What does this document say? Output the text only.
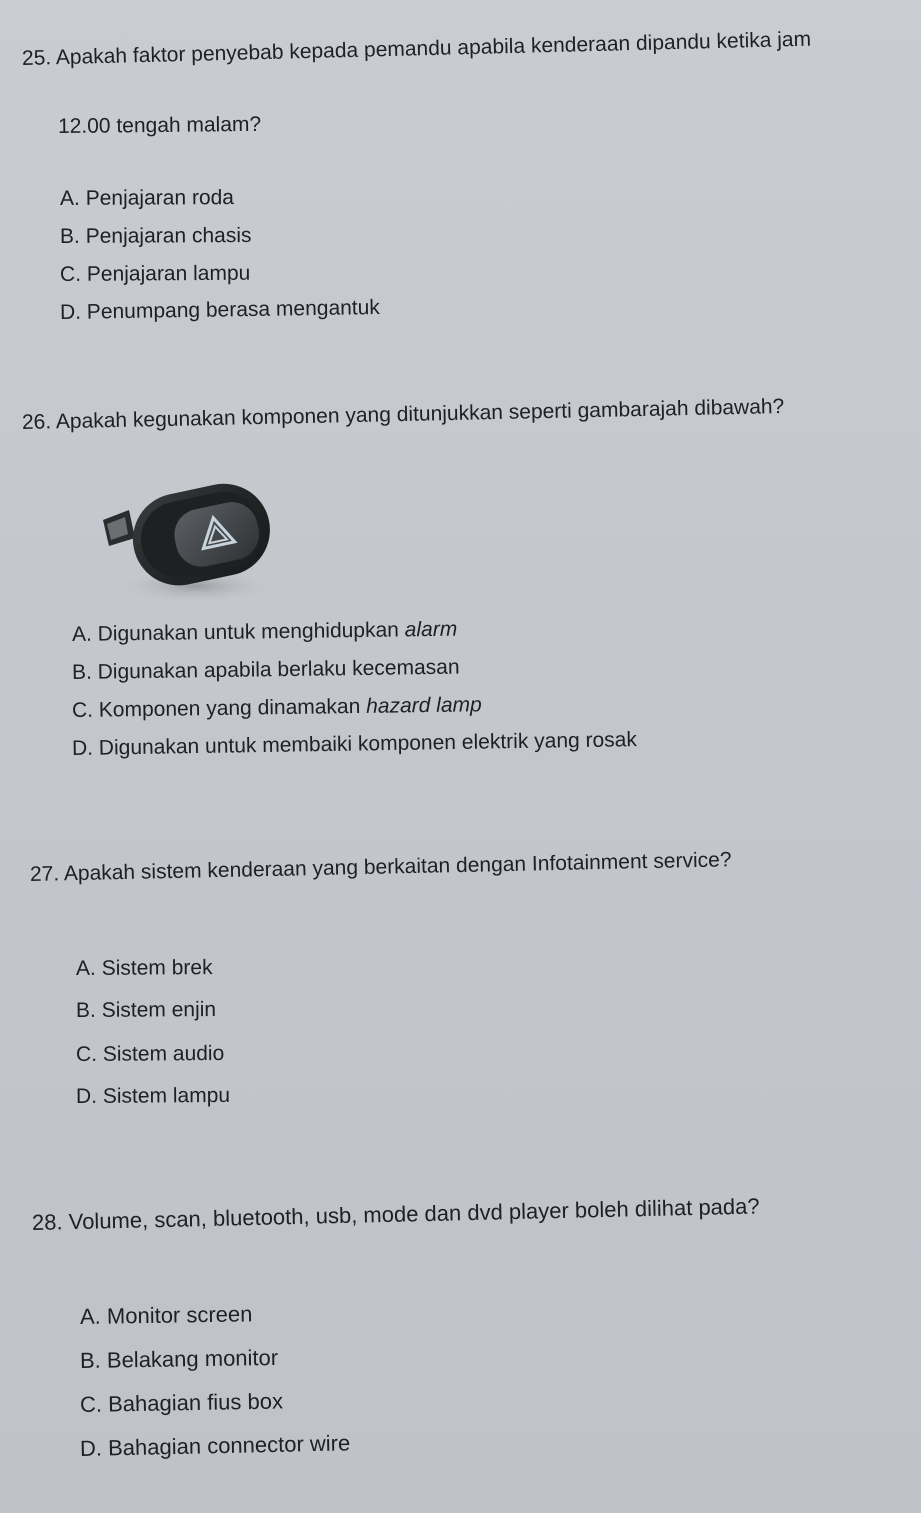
25. Apakah faktor penyebab kepada pemandu apabila kenderaan dipandu ketika jam
12.00 tengah malam?
A. Penjajaran roda
B. Penjajaran chasis
C. Penjajaran lampu
D. Penumpang berasa mengantuk
26. Apakah kegunakan komponen yang ditunjukkan seperti gambarajah dibawah?
A. Digunakan untuk menghidupkan alarm
B. Digunakan apabila berlaku kecemasan
C. Komponen yang dinamakan hazard lamp
D. Digunakan untuk membaiki komponen elektrik yang rosak
27. Apakah sistem kenderaan yang berkaitan dengan Infotainment service?
A. Sistem brek
B. Sistem enjin
C. Sistem audio
D. Sistem lampu
28. Volume, scan, bluetooth, usb, mode dan dvd player boleh dilihat pada?
A. Monitor screen
B. Belakang monitor
C. Bahagian fius box
D. Bahagian connector wire
